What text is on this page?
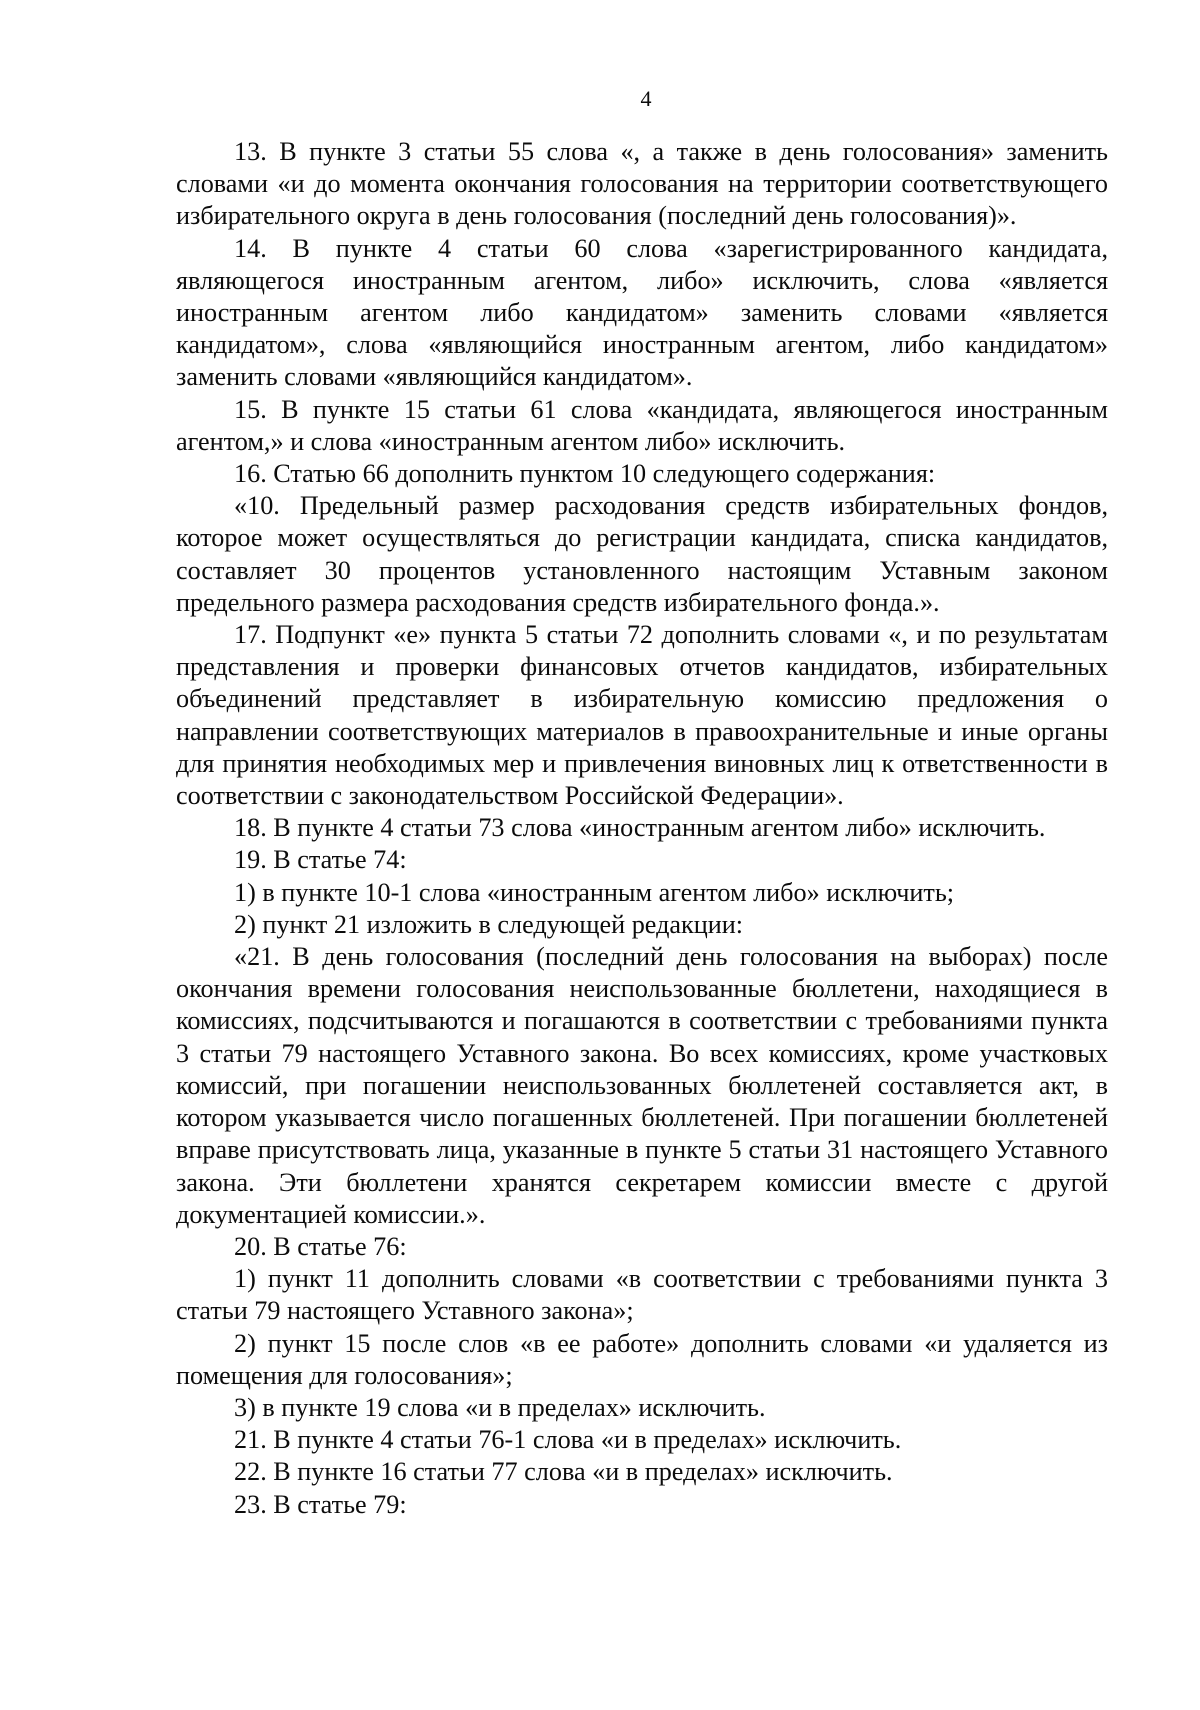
4

13. В пункте 3 статьи 55 слова «, а также в день голосования» заменить словами «и до момента окончания голосования на территории соответствующего избирательного округа в день голосования (последний день голосования)».

14. В пункте 4 статьи 60 слова «зарегистрированного кандидата, являющегося иностранным агентом, либо» исключить, слова «является иностранным агентом либо кандидатом» заменить словами «является кандидатом», слова «являющийся иностранным агентом, либо кандидатом» заменить словами «являющийся кандидатом».

15. В пункте 15 статьи 61 слова «кандидата, являющегося иностранным агентом,» и слова «иностранным агентом либо» исключить.

16. Статью 66 дополнить пунктом 10 следующего содержания:

«10. Предельный размер расходования средств избирательных фондов, которое может осуществляться до регистрации кандидата, списка кандидатов, составляет 30 процентов установленного настоящим Уставным законом предельного размера расходования средств избирательного фонда.».

17. Подпункт «е» пункта 5 статьи 72 дополнить словами «, и по результатам представления и проверки финансовых отчетов кандидатов, избирательных объединений представляет в избирательную комиссию предложения о направлении соответствующих материалов в правоохранительные и иные органы для принятия необходимых мер и привлечения виновных лиц к ответственности в соответствии с законодательством Российской Федерации».

18. В пункте 4 статьи 73 слова «иностранным агентом либо» исключить.

19. В статье 74:

1) в пункте 10-1 слова «иностранным агентом либо» исключить;

2) пункт 21 изложить в следующей редакции:

«21. В день голосования (последний день голосования на выборах) после окончания времени голосования неиспользованные бюллетени, находящиеся в комиссиях, подсчитываются и погашаются в соответствии с требованиями пункта 3 статьи 79 настоящего Уставного закона. Во всех комиссиях, кроме участковых комиссий, при погашении неиспользованных бюллетеней составляется акт, в котором указывается число погашенных бюллетеней. При погашении бюллетеней вправе присутствовать лица, указанные в пункте 5 статьи 31 настоящего Уставного закона. Эти бюллетени хранятся секретарем комиссии вместе с другой документацией комиссии.».

20. В статье 76:

1) пункт 11 дополнить словами «в соответствии с требованиями пункта 3 статьи 79 настоящего Уставного закона»;

2) пункт 15 после слов «в ее работе» дополнить словами «и удаляется из помещения для голосования»;

3) в пункте 19 слова «и в пределах» исключить.

21. В пункте 4 статьи 76-1 слова «и в пределах» исключить.

22. В пункте 16 статьи 77 слова «и в пределах» исключить.

23. В статье 79:
